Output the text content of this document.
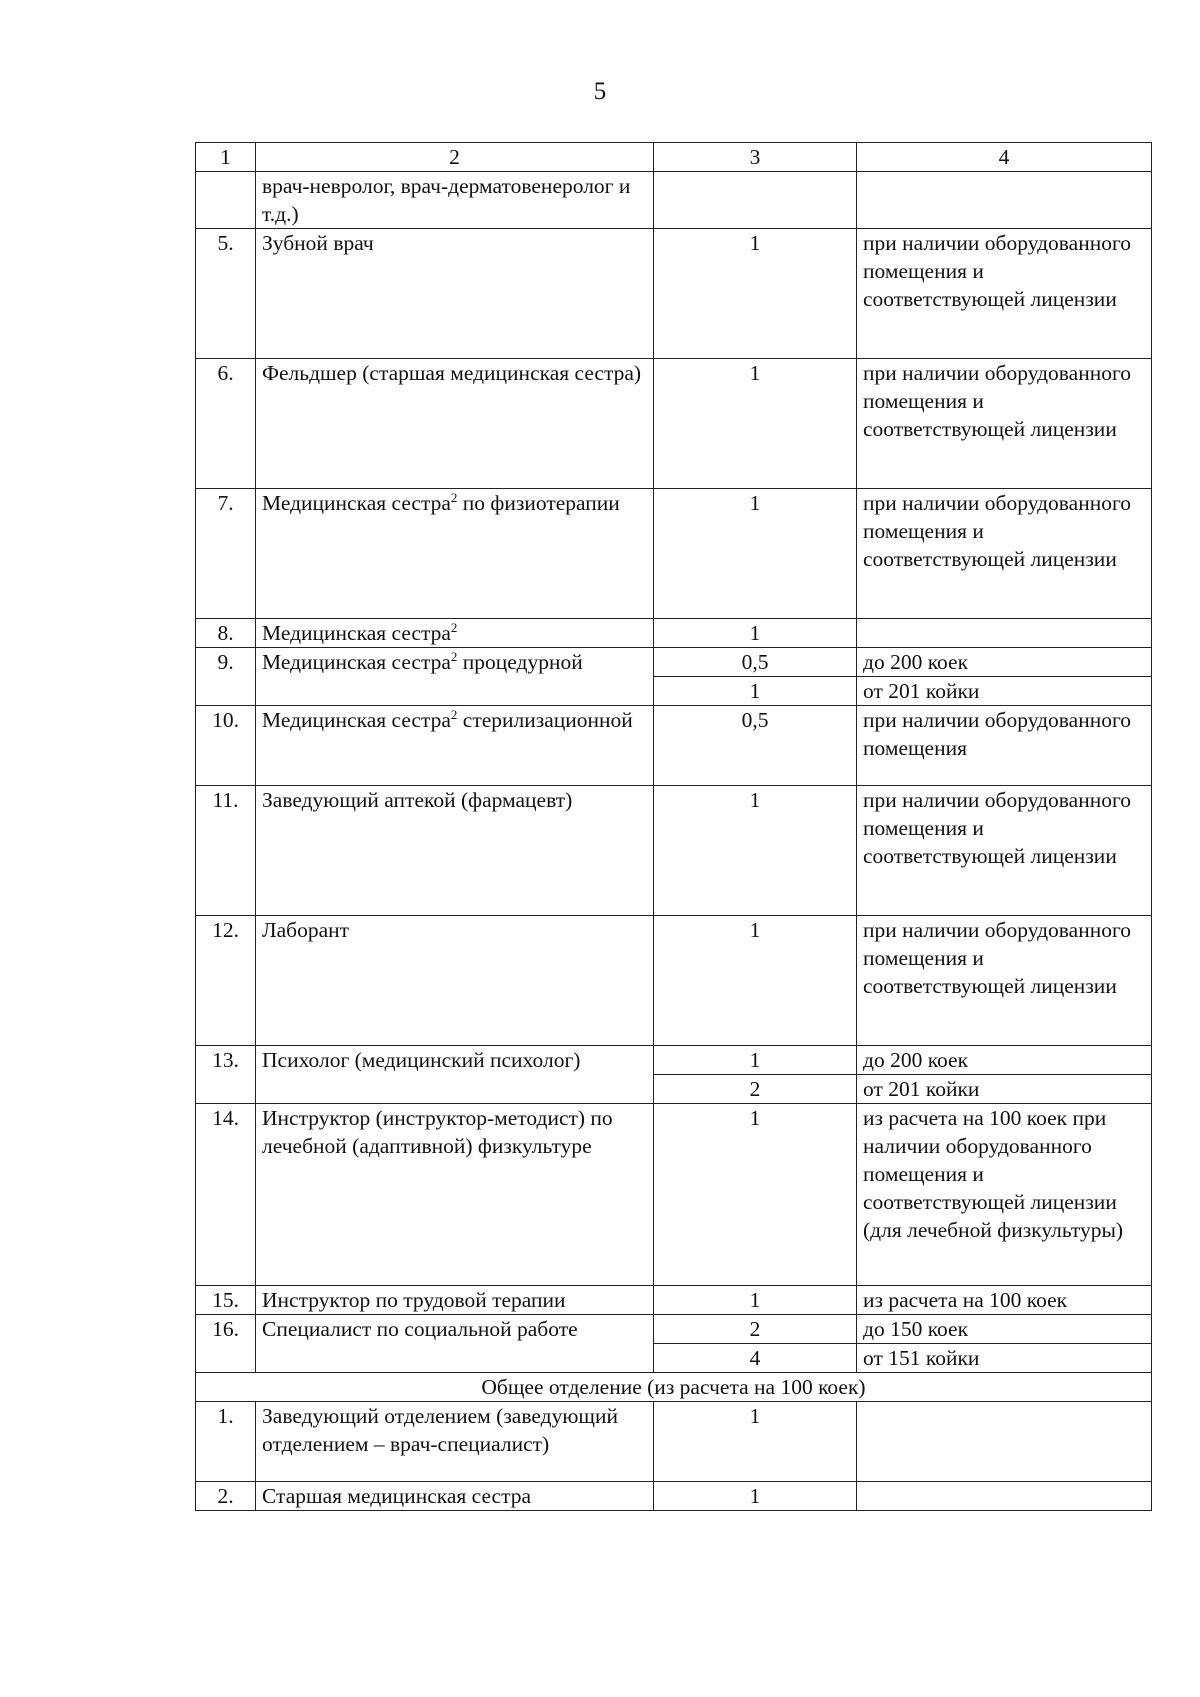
5
1	2	3	4
	врач-невролог, врач-дерматовенеролог и т.д.)		
5.	Зубной врач	1	при наличии оборудованного помещения и соответствующей лицензии
6.	Фельдшер (старшая медицинская сестра)	1	при наличии оборудованного помещения и соответствующей лицензии
7.	Медицинская сестра$^2$ по физиотерапии	1	при наличии оборудованного помещения и соответствующей лицензии
8.	Медицинская сестра$^2$	1	
9.	Медицинская сестра$^2$ процедурной	0,5	до 200 коек
		1	от 201 койки
10.	Медицинская сестра$^2$ стерилизационной	0,5	при наличии оборудованного помещения
11.	Заведующий аптекой (фармацевт)	1	при наличии оборудованного помещения и соответствующей лицензии
12.	Лаборант	1	при наличии оборудованного помещения и соответствующей лицензии
13.	Психолог (медицинский психолог)	1	до 200 коек
		2	от 201 койки
14.	Инструктор (инструктор-методист) по лечебной (адаптивной) физкультуре	1	из расчета на 100 коек при наличии оборудованного помещения и соответствующей лицензии (для лечебной физкультуры)
15.	Инструктор по трудовой терапии	1	из расчета на 100 коек
16.	Специалист по социальной работе	2	до 150 коек
		4	от 151 койки
Общее отделение (из расчета на 100 коек)			
1.	Заведующий отделением (заведующий отделением – врач-специалист)	1	
2.	Старшая медицинская сестра	1	
